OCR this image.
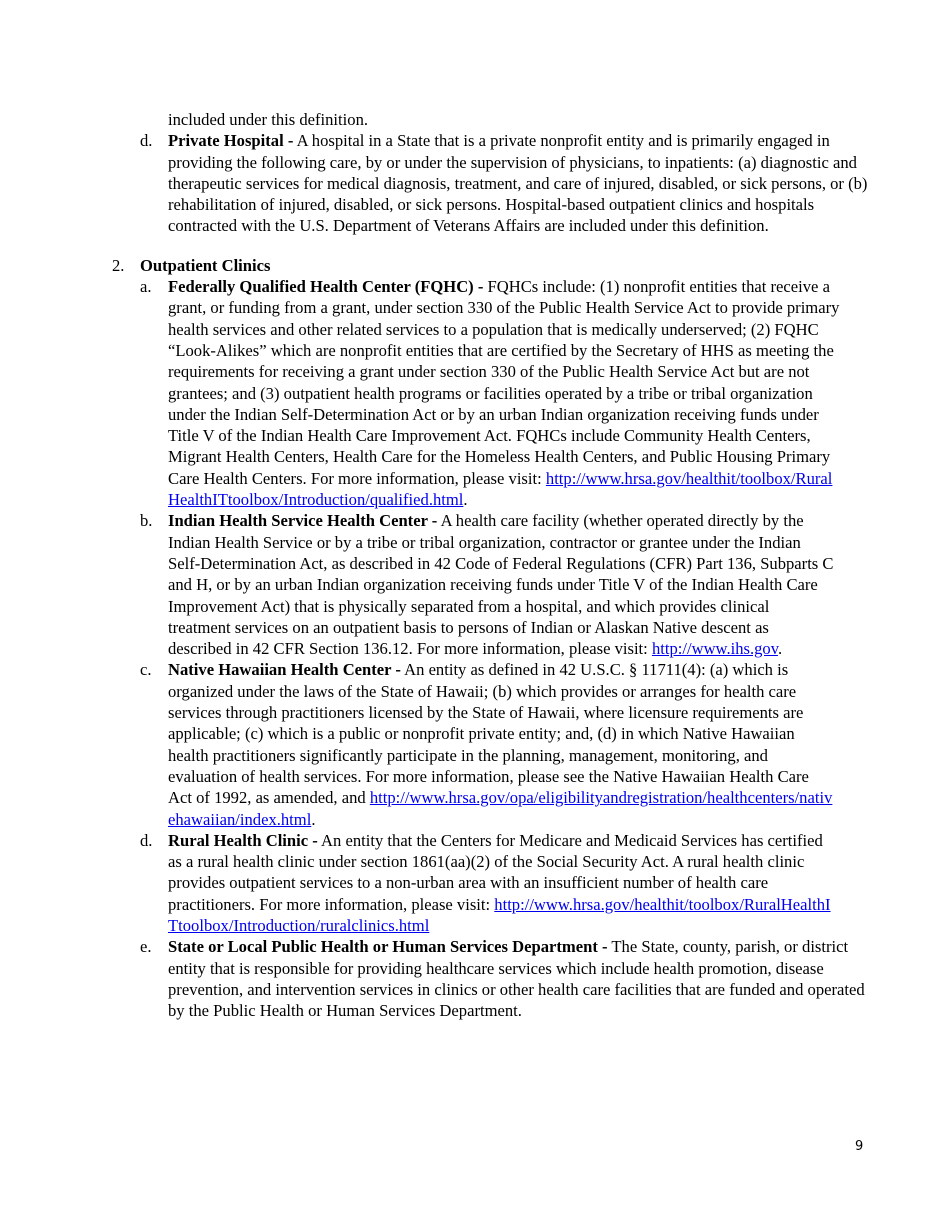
included under this definition.
d. Private Hospital - A hospital in a State that is a private nonprofit entity and is primarily engaged in providing the following care, by or under the supervision of physicians, to inpatients: (a) diagnostic and therapeutic services for medical diagnosis, treatment, and care of injured, disabled, or sick persons, or (b) rehabilitation of injured, disabled, or sick persons. Hospital-based outpatient clinics and hospitals contracted with the U.S. Department of Veterans Affairs are included under this definition.
2. Outpatient Clinics
a. Federally Qualified Health Center (FQHC) - FQHCs include: (1) nonprofit entities that receive a grant, or funding from a grant, under section 330 of the Public Health Service Act to provide primary health services and other related services to a population that is medically underserved; (2) FQHC “Look-Alikes” which are nonprofit entities that are certified by the Secretary of HHS as meeting the requirements for receiving a grant under section 330 of the Public Health Service Act but are not grantees; and (3) outpatient health programs or facilities operated by a tribe or tribal organization under the Indian Self-Determination Act or by an urban Indian organization receiving funds under Title V of the Indian Health Care Improvement Act. FQHCs include Community Health Centers, Migrant Health Centers, Health Care for the Homeless Health Centers, and Public Housing Primary Care Health Centers. For more information, please visit: http://www.hrsa.gov/healthit/toolbox/RuralHealthITtoolbox/Introduction/qualified.html.
b. Indian Health Service Health Center - A health care facility (whether operated directly by the Indian Health Service or by a tribe or tribal organization, contractor or grantee under the Indian Self-Determination Act, as described in 42 Code of Federal Regulations (CFR) Part 136, Subparts C and H, or by an urban Indian organization receiving funds under Title V of the Indian Health Care Improvement Act) that is physically separated from a hospital, and which provides clinical treatment services on an outpatient basis to persons of Indian or Alaskan Native descent as described in 42 CFR Section 136.12. For more information, please visit: http://www.ihs.gov.
c. Native Hawaiian Health Center - An entity as defined in 42 U.S.C. § 11711(4): (a) which is organized under the laws of the State of Hawaii; (b) which provides or arranges for health care services through practitioners licensed by the State of Hawaii, where licensure requirements are applicable; (c) which is a public or nonprofit private entity; and, (d) in which Native Hawaiian health practitioners significantly participate in the planning, management, monitoring, and evaluation of health services. For more information, please see the Native Hawaiian Health Care Act of 1992, as amended, and http://www.hrsa.gov/opa/eligibilityandregistration/healthcenters/nativehawaiian/index.html.
d. Rural Health Clinic - An entity that the Centers for Medicare and Medicaid Services has certified as a rural health clinic under section 1861(aa)(2) of the Social Security Act. A rural health clinic provides outpatient services to a non-urban area with an insufficient number of health care practitioners. For more information, please visit: http://www.hrsa.gov/healthit/toolbox/RuralHealthITtoolbox/Introduction/ruralclinics.html
e. State or Local Public Health or Human Services Department - The State, county, parish, or district entity that is responsible for providing healthcare services which include health promotion, disease prevention, and intervention services in clinics or other health care facilities that are funded and operated by the Public Health or Human Services Department.
9
